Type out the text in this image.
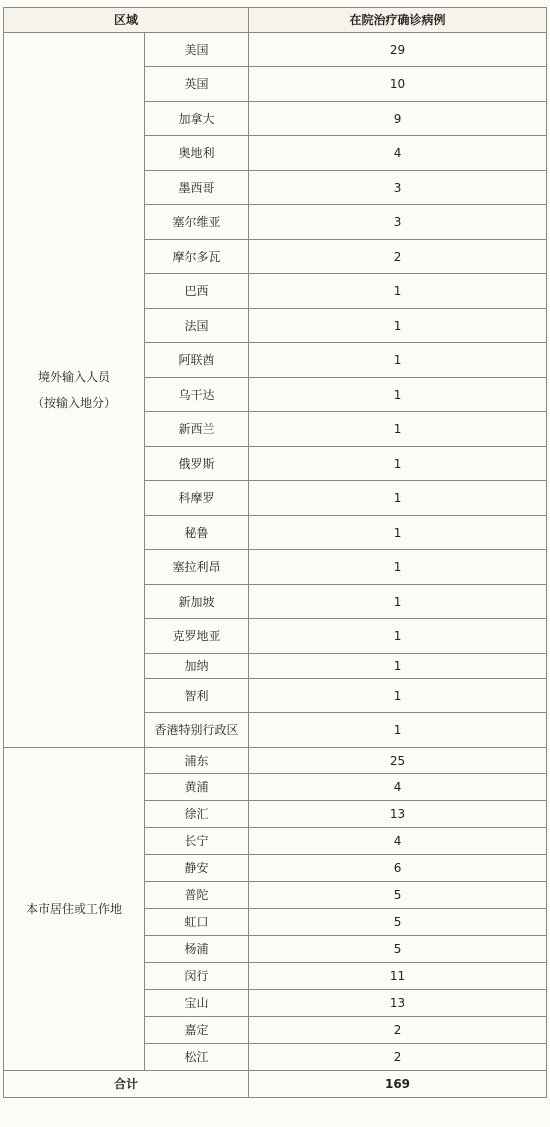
区域		在院治疗确诊病例

境外输入人员
（按输入地分）	美国	29
	英国	10
	加拿大	9
	奥地利	4
	墨西哥	3
	塞尔维亚	3
	摩尔多瓦	2
	巴西	1
	法国	1
	阿联酋	1
	乌干达	1
	新西兰	1
	俄罗斯	1
	科摩罗	1
	秘鲁	1
	塞拉利昂	1
	新加坡	1
	克罗地亚	1
	加纳	1
	智利	1
	香港特别行政区	1
本市居住或工作地	浦东	25
	黄浦	4
	徐汇	13
	长宁	4
	静安	6
	普陀	5
	虹口	5
	杨浦	5
	闵行	11
	宝山	13
	嘉定	2
	松江	2
合计		169
